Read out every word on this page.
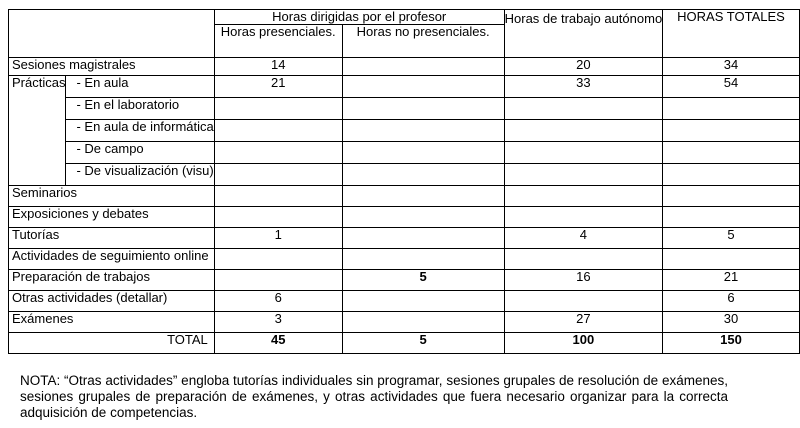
		Horas dirigidas por el profesor		Horas de trabajo autónomo	HORAS TOTALES
		Horas presenciales.	Horas no presenciales.		
Sesiones magistrales		14		20	34
Prácticas	- En aula	21		33	54
	- En el laboratorio				
	- En aula de informática				
	- De campo				
	- De visualización (visu)				
Seminarios					
Exposiciones y debates					
Tutorías		1		4	5
Actividades de seguimiento online					
Preparación de trabajos			5	16	21
Otras actividades (detallar)		6			6
Exámenes		3		27	30
TOTAL		45	5	100	150
NOTA: “Otras actividades” engloba tutorías individuales sin programar, sesiones grupales de resolución de exámenes, sesiones grupales de preparación de exámenes, y otras actividades que fuera necesario organizar para la correcta adquisición de competencias.
